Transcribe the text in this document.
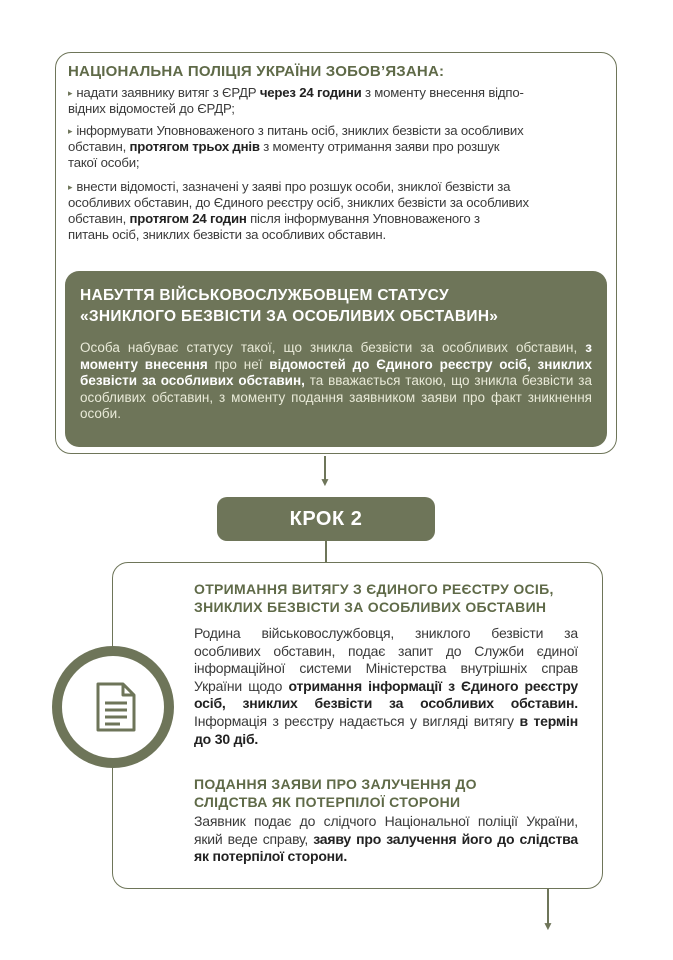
НАЦІОНАЛЬНА ПОЛІЦІЯ УКРАЇНИ ЗОБОВ’ЯЗАНА:
▸ надати заявнику витяг з ЄРДР через 24 години з моменту внесення відпо-
відних відомостей до ЄРДР;
▸ інформувати Уповноваженого з питань осіб, зниклих безвісти за особливих
обставин, протягом трьох днів з моменту отримання заяви про розшук
такої особи;
▸ внести відомості, зазначені у заяві про розшук особи, зниклої безвісти за
особливих обставин, до Єдиного реєстру осіб, зниклих безвісти за особливих
обставин, протягом 24 годин після інформування Уповноваженого з
питань осіб, зниклих безвісти за особливих обставин.
НАБУТТЯ ВІЙСЬКОВОСЛУЖБОВЦЕМ СТАТУСУ
«ЗНИКЛОГО БЕЗВІСТИ ЗА ОСОБЛИВИХ ОБСТАВИН»
Особа набуває статусу такої, що зникла безвісти за особливих обставин, з моменту внесення про неї відомостей до Єдиного реєстру осіб, зниклих безвісти за особливих обставин, та вважається такою, що зникла безвісти за особливих обставин, з моменту подання заявником заяви про факт зникнення особи.
▼
КРОК 2
ОТРИМАННЯ ВИТЯГУ З ЄДИНОГО РЕЄСТРУ ОСІБ,
ЗНИКЛИХ БЕЗВІСТИ ЗА ОСОБЛИВИХ ОБСТАВИН
Родина військовослужбовця, зниклого безвісти за особливих обставин, подає запит до Служби єдиної інформаційної системи Міністерства внутрішніх справ України щодо отримання інформації з Єдиного реєстру осіб, зниклих безвісти за особливих обставин. Інформація з реєстру надається у вигляді витягу в термін до 30 діб.
ПОДАННЯ ЗАЯВИ ПРО ЗАЛУЧЕННЯ ДО
СЛІДСТВА ЯК ПОТЕРПІЛОЇ СТОРОНИ
Заявник подає до слідчого Національної поліції України, який веде справу, заяву про залучення його до слідства як потерпілої сторони.
▼
